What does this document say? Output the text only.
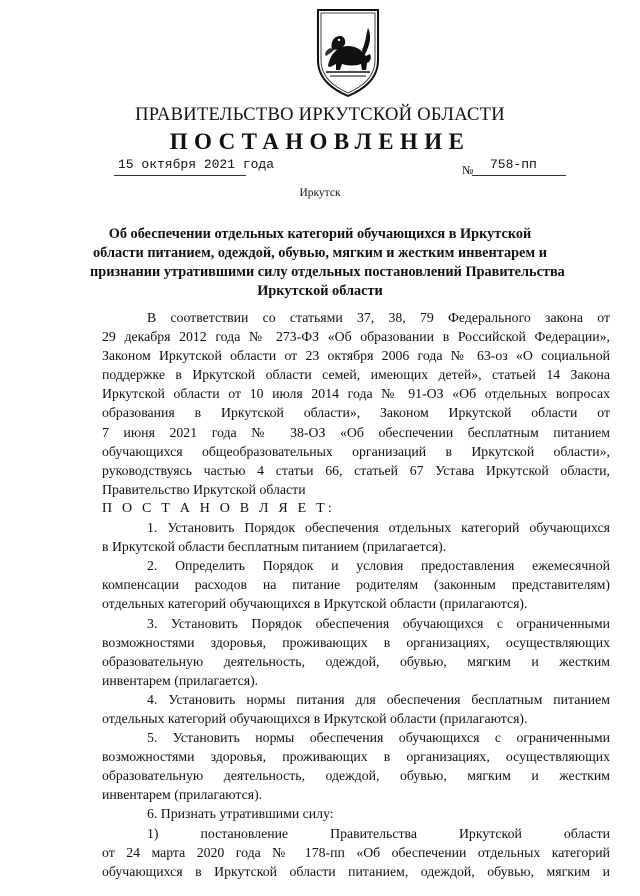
ПРАВИТЕЛЬСТВО ИРКУТСКОЙ ОБЛАСТИ
ПОСТАНОВЛЕНИЕ
15 октября 2021 года	№ 758-пп
Иркутск
Об обеспечении отдельных категорий обучающихся в Иркутской
области питанием, одеждой, обувью, мягким и жестким инвентарем и
признании утратившими силу отдельных постановлений Правительства
Иркутской области
В соответствии со статьями 37, 38, 79 Федерального закона от
29 декабря 2012 года № 273-ФЗ «Об образовании в Российской Федерации»,
Законом Иркутской области от 23 октября 2006 года № 63-оз «О социальной
поддержке в Иркутской области семей, имеющих детей», статьей 14 Закона
Иркутской области от 10 июля 2014 года № 91-ОЗ «Об отдельных вопросах
образования в Иркутской области», Законом Иркутской области от
7 июня 2021 года № 38-ОЗ «Об обеспечении бесплатным питанием
обучающихся общеобразовательных организаций в Иркутской области»,
руководствуясь частью 4 статьи 66, статьей 67 Устава Иркутской области,
Правительство Иркутской области
П О С Т А Н О В Л Я Е Т:
1. Установить Порядок обеспечения отдельных категорий обучающихся
в Иркутской области бесплатным питанием (прилагается).
2. Определить Порядок и условия предоставления ежемесячной
компенсации расходов на питание родителям (законным представителям)
отдельных категорий обучающихся в Иркутской области (прилагаются).
3. Установить Порядок обеспечения обучающихся с ограниченными
возможностями здоровья, проживающих в организациях, осуществляющих
образовательную деятельность, одеждой, обувью, мягким и жестким
инвентарем (прилагается).
4. Установить нормы питания для обеспечения бесплатным питанием
отдельных категорий обучающихся в Иркутской области (прилагаются).
5. Установить нормы обеспечения обучающихся с ограниченными
возможностями здоровья, проживающих в организациях, осуществляющих
образовательную деятельность, одеждой, обувью, мягким и жестким
инвентарем (прилагаются).
6. Признать утратившими силу:
1) постановление Правительства Иркутской области
от 24 марта 2020 года № 178-пп «Об обеспечении отдельных категорий
обучающихся в Иркутской области питанием, одеждой, обувью, мягким и
